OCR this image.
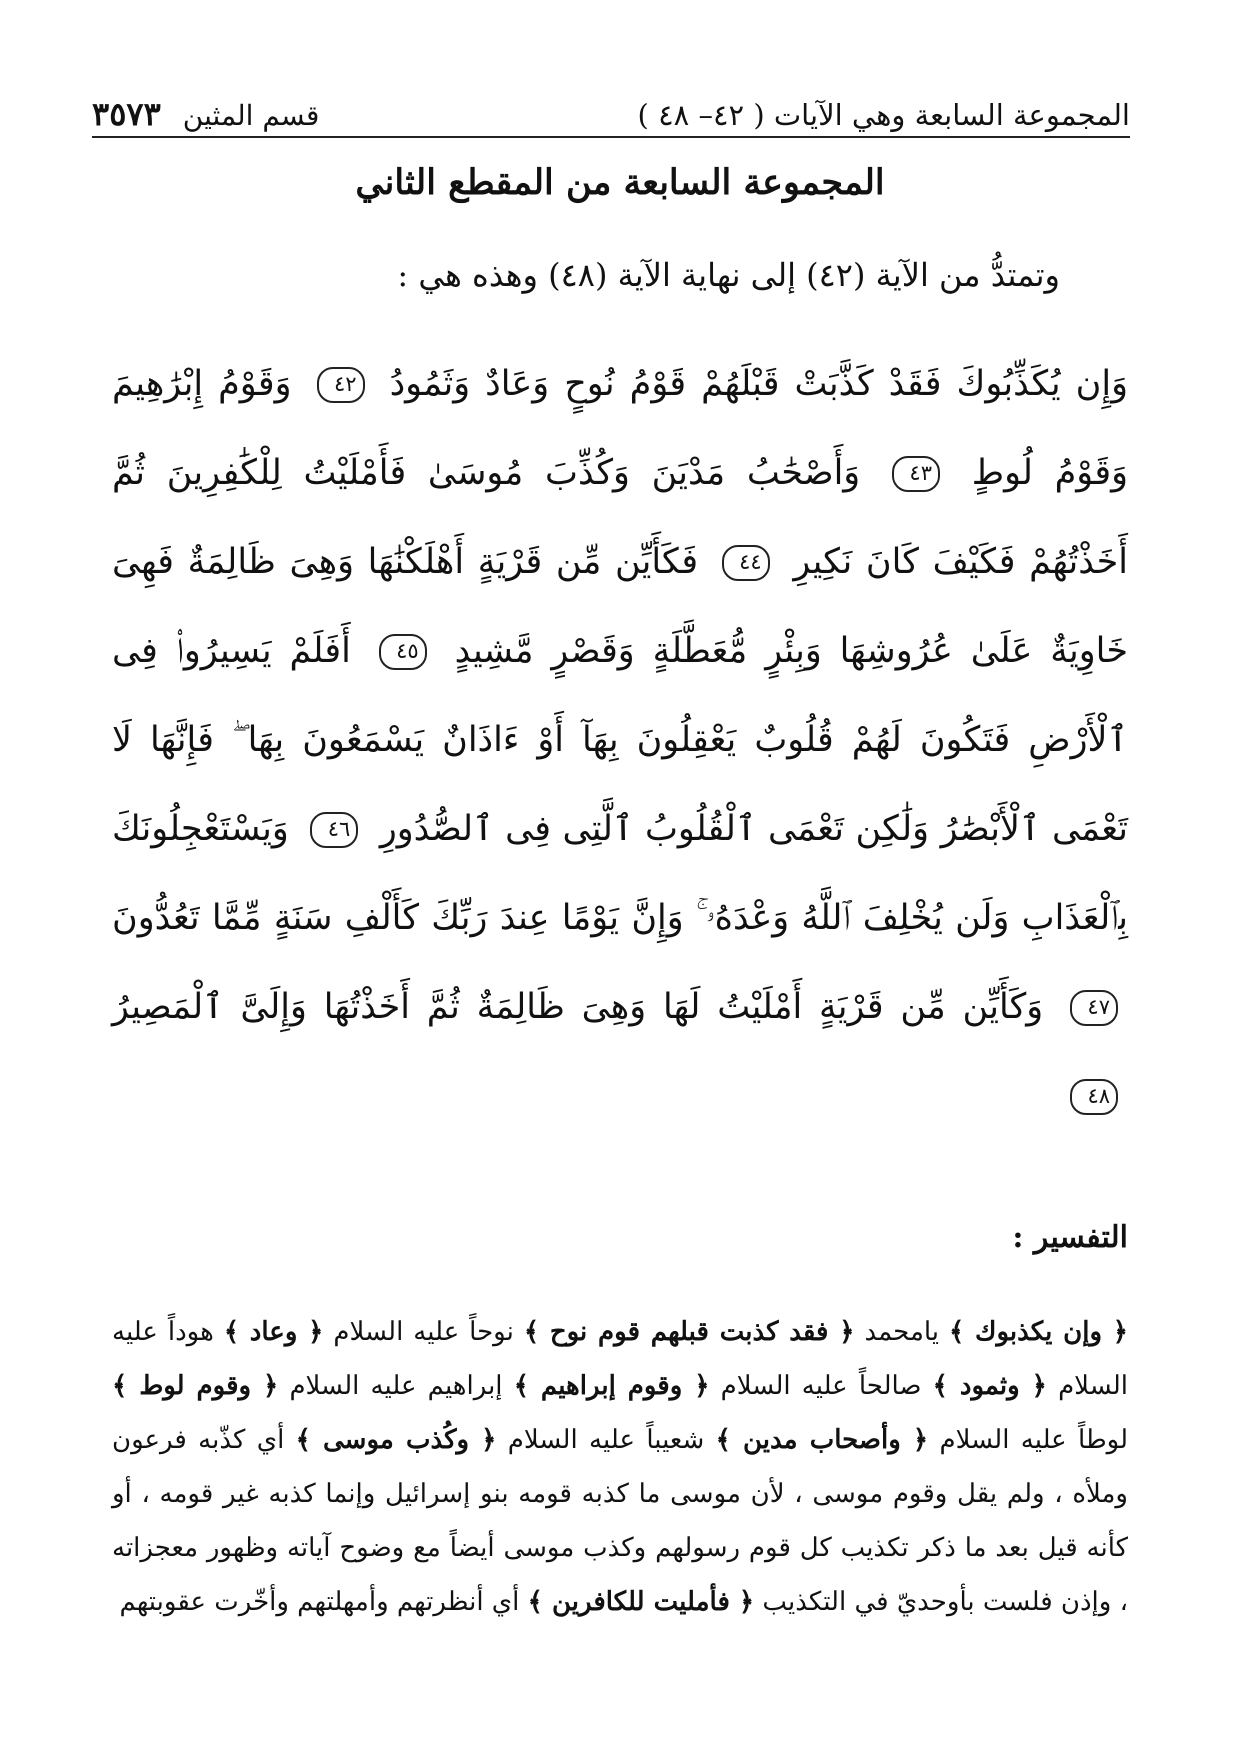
المجموعة السابعة وهي الآيات ( ٤٢– ٤٨ )
قسم المثين
٣٥٧٣
المجموعة السابعة من المقطع الثاني
وتمتدُّ من الآية (٤٢) إلى نهاية الآية (٤٨) وهذه هي :
وَإِن يُكَذِّبُوكَ فَقَدْ كَذَّبَتْ قَبْلَهُمْ قَوْمُ نُوحٍ وَعَادٌ وَثَمُودُ ٤٢ وَقَوْمُ إِبْرَٰهِيمَ وَقَوْمُ لُوطٍ ٤٣ وَأَصْحَٰبُ مَدْيَنَ وَكُذِّبَ مُوسَىٰ فَأَمْلَيْتُ لِلْكَٰفِرِينَ ثُمَّ أَخَذْتُهُمْ فَكَيْفَ كَانَ نَكِيرِ ٤٤ فَكَأَيِّن مِّن قَرْيَةٍ أَهْلَكْنَٰهَا وَهِىَ ظَالِمَةٌ فَهِىَ خَاوِيَةٌ عَلَىٰ عُرُوشِهَا وَبِئْرٍ مُّعَطَّلَةٍ وَقَصْرٍ مَّشِيدٍ ٤٥ أَفَلَمْ يَسِيرُوا۟ فِى ٱلْأَرْضِ فَتَكُونَ لَهُمْ قُلُوبٌ يَعْقِلُونَ بِهَآ أَوْ ءَاذَانٌ يَسْمَعُونَ بِهَا ۖ فَإِنَّهَا لَا تَعْمَى ٱلْأَبْصَٰرُ وَلَٰكِن تَعْمَى ٱلْقُلُوبُ ٱلَّتِى فِى ٱلصُّدُورِ ٤٦ وَيَسْتَعْجِلُونَكَ بِٱلْعَذَابِ وَلَن يُخْلِفَ ٱللَّهُ وَعْدَهُۥ ۚ وَإِنَّ يَوْمًا عِندَ رَبِّكَ كَأَلْفِ سَنَةٍ مِّمَّا تَعُدُّونَ ٤٧ وَكَأَيِّن مِّن قَرْيَةٍ أَمْلَيْتُ لَهَا وَهِىَ ظَالِمَةٌ ثُمَّ أَخَذْتُهَا وَإِلَىَّ ٱلْمَصِيرُ ٤٨
التفسير :
﴿ وإن يكذبوك ﴾ يامحمد ﴿ فقد كذبت قبلهم قوم نوح ﴾ نوحاً عليه السلام ﴿ وعاد ﴾ هوداً عليه السلام ﴿ وثمود ﴾ صالحاً عليه السلام ﴿ وقوم إبراهيم ﴾ إبراهيم عليه السلام ﴿ وقوم لوط ﴾ لوطاً عليه السلام ﴿ وأصحاب مدين ﴾ شعيباً عليه السلام ﴿ وكُذب موسى ﴾ أي كذّبه فرعون وملأه ، ولم يقل وقوم موسى ، لأن موسى ما كذبه قومه بنو إسرائيل وإنما كذبه غير قومه ، أو كأنه قيل بعد ما ذكر تكذيب كل قوم رسولهم وكذب موسى أيضاً مع وضوح آياته وظهور معجزاته ، وإذن فلست بأوحديّ في التكذيب ﴿ فأمليت للكافرين ﴾ أي أنظرتهم وأمهلتهم وأخّرت عقوبتهم
